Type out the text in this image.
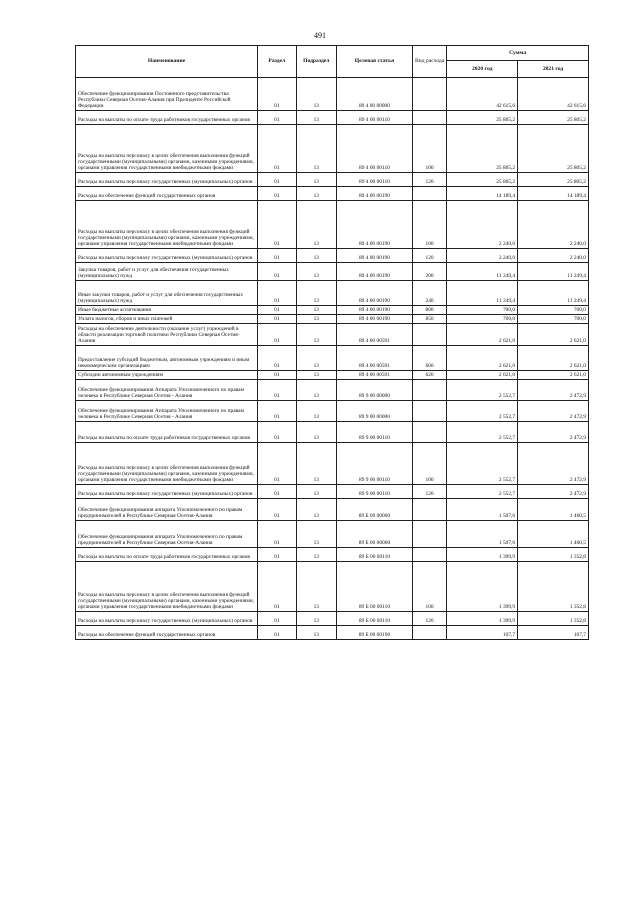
491
Наименование	Раздел	Подраздел	Целевая статья	Вид расхода	Сумма	
					2020 год	2021 год
Обеспечение функционирования Постоянного представительства Республики Северная Осетия-Алания при Президенте Российской Федерации	01	13	89 4 00 00000		42 615,6	42 615,6
Расходы на выплаты по оплате труда работников государственных органов	01	13	89 4 00 00110		25 805,2	25 805,2
Расходы на выплаты персоналу в целях обеспечения выполнения функций государственными (муниципальными) органами, казенными учреждениями, органами управления государственными внебюджетными фондами	01	13	89 4 00 00110	100	25 805,2	25 805,2
Расходы на выплаты персоналу государственных (муниципальных) органов	01	13	89 4 00 00110	120	25 805,2	25 805,2
Расходы на обеспечение функций государственных органов	01	13	89 4 00 00190		14 189,4	14 189,4
Расходы на выплаты персоналу в целях обеспечения выполнения функций государственными (муниципальными) органами, казенными учреждениями, органами управления государственными внебюджетными фондами	01	13	89 4 00 00190	100	2 240,0	2 240,0
Расходы на выплаты персоналу государственных (муниципальных) органов	01	13	89 4 00 00190	120	2 240,0	2 240,0
Закупка товаров, работ и услуг для обеспечения государственных (муниципальных) нужд	01	13	89 4 00 00190	200	11 249,4	11 249,4
Иные закупки товаров, работ и услуг для обеспечения государственных (муниципальных) нужд	01	13	89 4 00 00190	240	11 249,4	11 249,4
Иные бюджетные ассигнования	01	13	89 4 00 00190	800	700,0	700,0
Уплата налогов, сборов и иных платежей	01	13	89 4 00 00190	850	700,0	700,0
Расходы на обеспечение деятельности (оказание услуг) учреждений в области реализации торговой политики Республики Северная Осетия-Алания	01	13	89 4 00 00591		2 621,0	2 621,0
Предоставление субсидий бюджетным, автономным учреждениям и иным некоммерческим организациям	01	13	89 4 00 00591	600	2 621,0	2 621,0
Субсидии автономным учреждениям	01	13	89 4 00 00591	620	2 621,0	2 621,0
Обеспечение функционирования Аппарата Уполномоченного по правам человека в Республике Северная Осетия - Алания	01	13	89 9 00 00000		2 552,7	2 472,9
Обеспечение функционирования Аппарата Уполномоченного по правам человека в Республике Северная Осетия - Алания	01	13	89 9 00 00000		2 552,7	2 472,9
Расходы на выплаты по оплате труда работников государственных органов	01	13	89 9 00 00110		2 552,7	2 472,9
Расходы на выплаты персоналу в целях обеспечения выполнения функций государственными (муниципальными) органами, казенными учреждениями, органами управления государственными внебюджетными фондами	01	13	89 9 00 00110	100	2 552,7	2 472,9
Расходы на выплаты персоналу государственных (муниципальных) органов	01	13	89 9 00 00110	120	2 552,7	2 472,9
Обеспечение функционирования аппарата Уполномоченного по правам предпринимателей в Республике Северная Осетия-Алания	01	13	89 Б 00 00000		1 507,6	1 460,5
Обеспечение функционирования аппарата Уполномоченного по правам предпринимателей в Республике Северная Осетия-Алания	01	13	89 Б 00 00000		1 507,6	1 460,5
Расходы на выплаты по оплате труда работников государственных органов	01	13	89 Б 00 00110		1 399,9	1 352,8
Расходы на выплаты персоналу в целях обеспечения выполнения функций государственными (муниципальными) органами, казенными учреждениями, органами управления государственными внебюджетными фондами	01	13	89 Б 00 00110	100	1 399,9	1 352,8
Расходы на выплаты персоналу государственных (муниципальных) органов	01	13	89 Б 00 00110	120	1 399,9	1 352,8
Расходы на обеспечение функций государственных органов	01	13	89 Б 00 00190		107,7	107,7
